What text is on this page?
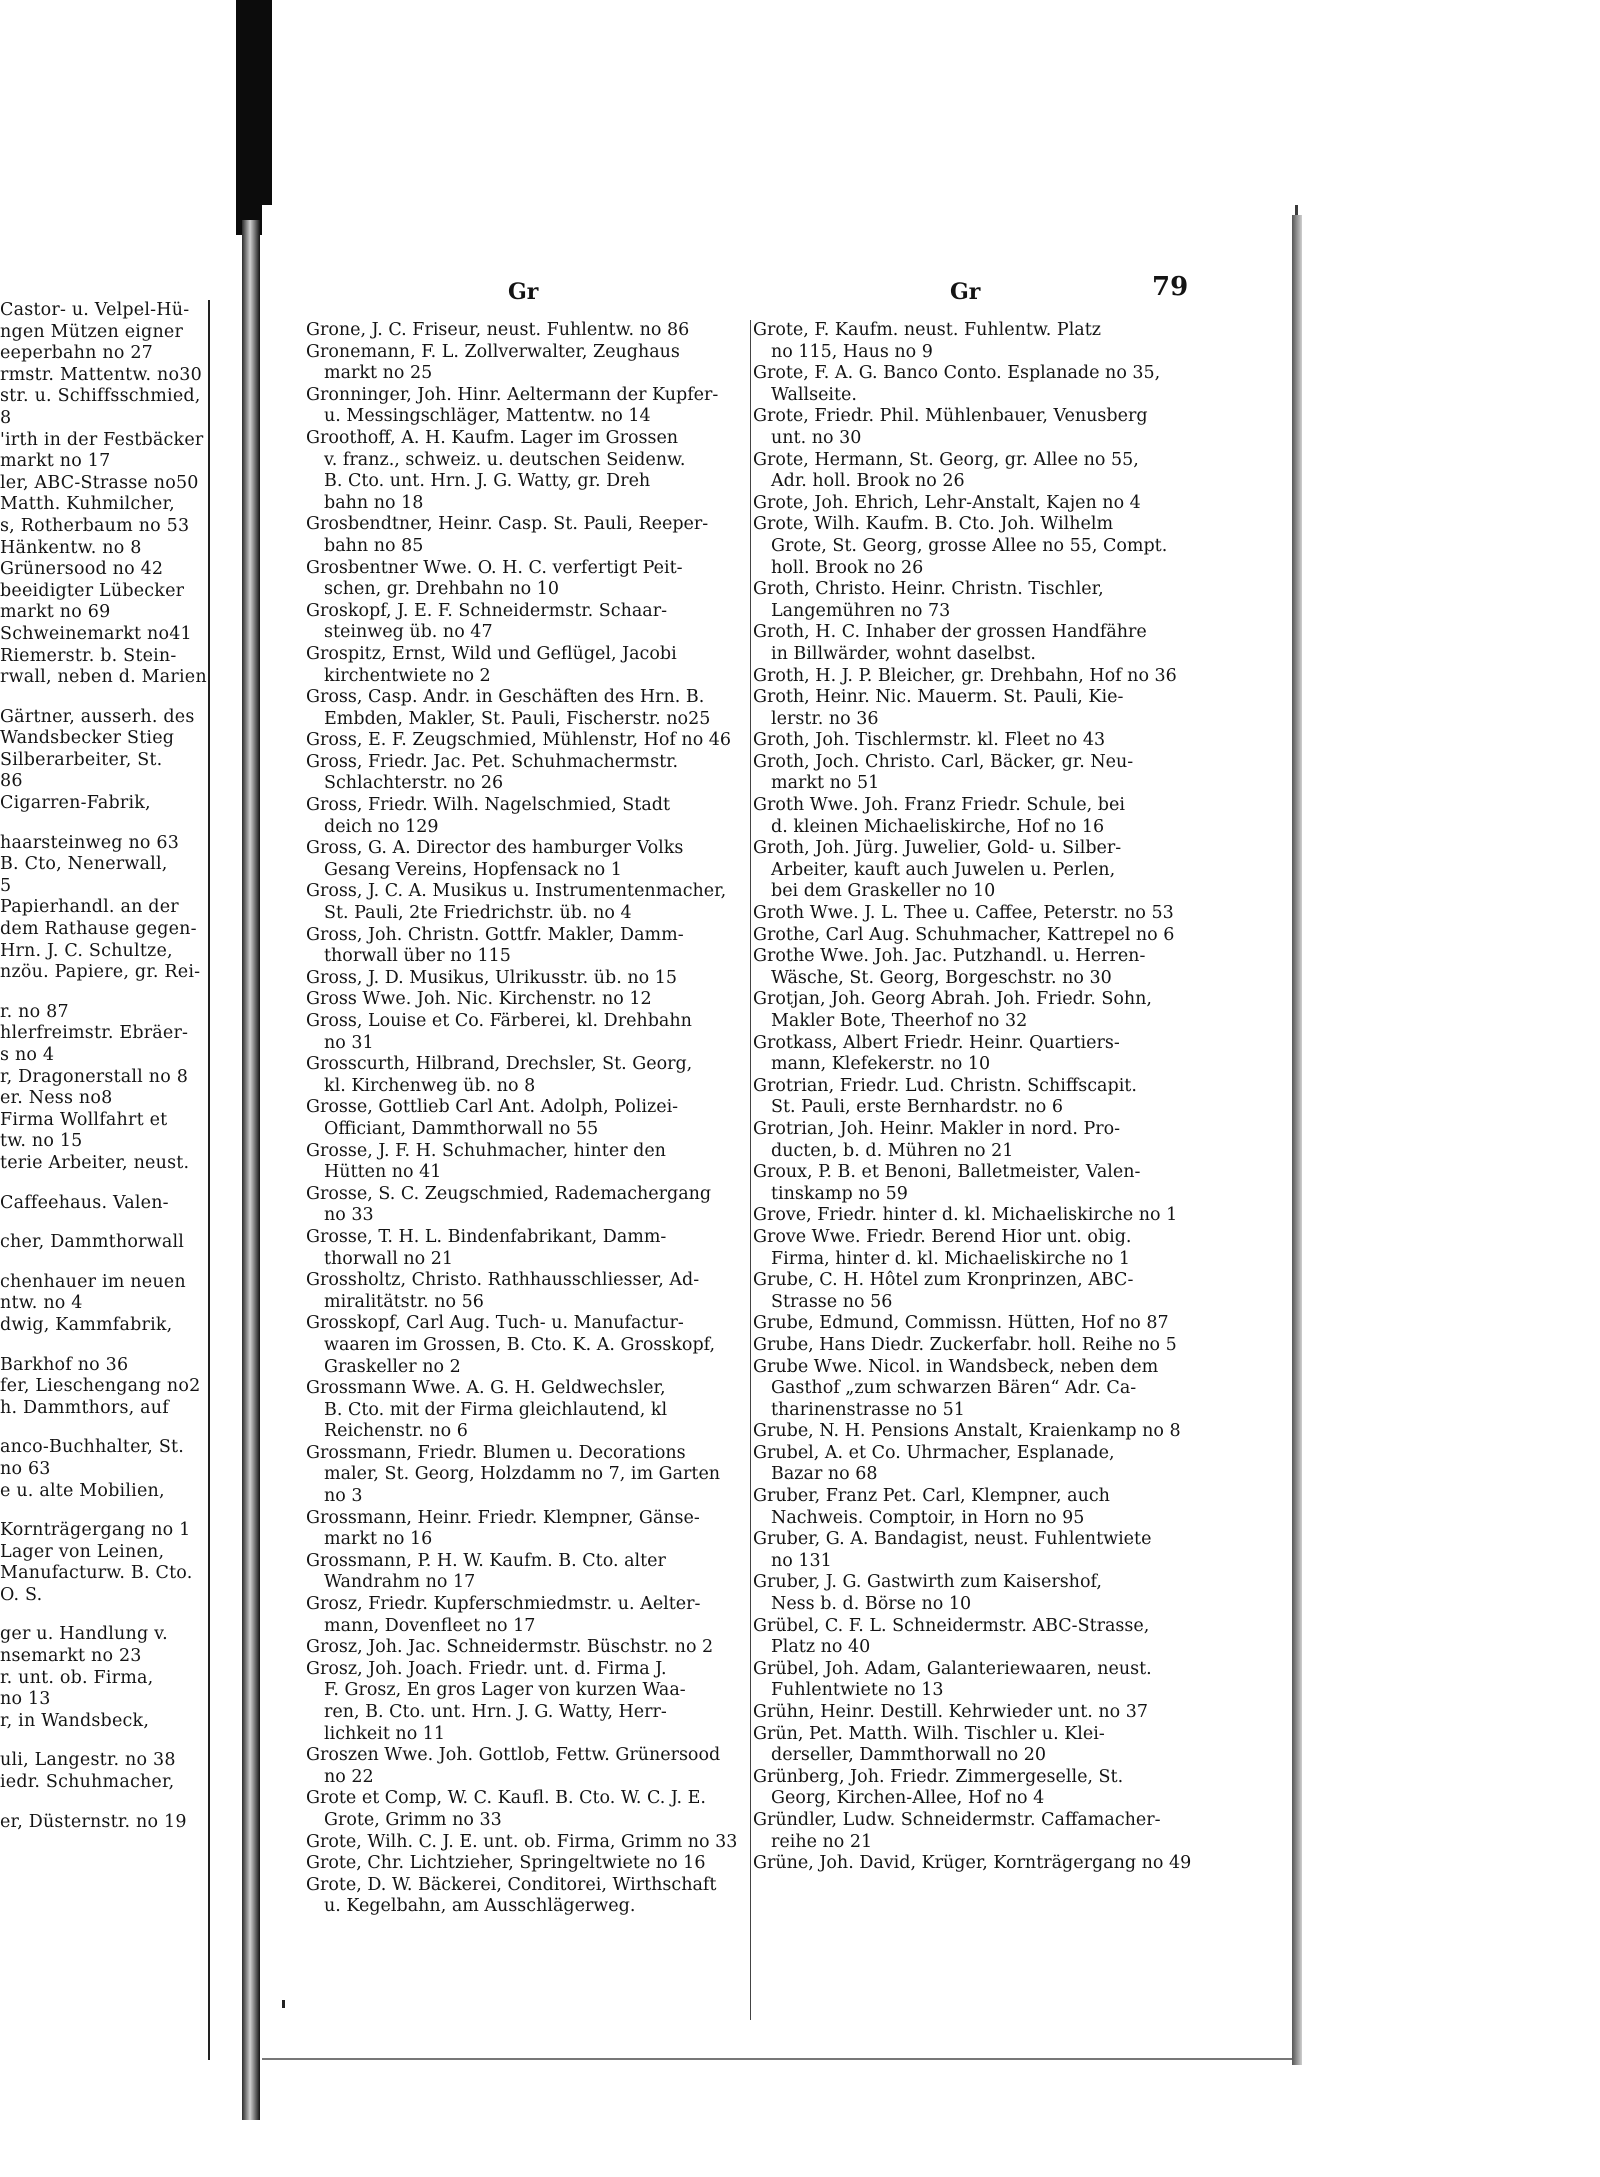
Castor- u. Velpel-Hü-
ngen Mützen eigner
eeperbahn no 27
rmstr. Mattentw. no30
str. u. Schiffsschmied,
8
'irth in der Festbäcker
markt no 17
ler, ABC-Strasse no50
Matth. Kuhmilcher,
s, Rotherbaum no 53
Hänkentw. no 8
Grünersood no 42
beeidigter Lübecker
markt no 69
Schweinemarkt no41
Riemerstr. b. Stein-
rwall, neben d. Marien
Gärtner, ausserh. des
Wandsbecker Stieg
Silberarbeiter, St.
86
Cigarren-Fabrik,
haarsteinweg no 63
B. Cto, Nenerwall,
5
Papierhandl. an der
dem Rathause gegen-
Hrn. J. C. Schultze,
nzöu. Papiere, gr. Rei-
r. no 87
hlerfreimstr. Ebräer-
s no 4
r, Dragonerstall no 8
er. Ness no8
Firma Wollfahrt et
tw. no 15
terie Arbeiter, neust.
Caffeehaus. Valen-
cher, Dammthorwall
chenhauer im neuen
ntw. no 4
dwig, Kammfabrik,
Barkhof no 36
fer, Lieschengang no2
h. Dammthors, auf
anco-Buchhalter, St.
no 63
e u. alte Mobilien,
Kornträgergang no 1
Lager von Leinen,
Manufacturw. B. Cto.
O. S.
ger u. Handlung v.
nsemarkt no 23
r. unt. ob. Firma,
no 13
r, in Wandsbeck,
uli, Langestr. no 38
iedr. Schuhmacher,
er, Düsternstr. no 19
Gr	Gr	79
Grone, J. C. Friseur, neust. Fuhlentw. no 86
Gronemann, F. L. Zollverwalter, Zeughaus
markt no 25
Gronninger, Joh. Hinr. Aeltermann der Kupfer-
u. Messingschläger, Mattentw. no 14
Groothoff, A. H. Kaufm. Lager im Grossen
v. franz., schweiz. u. deutschen Seidenw.
B. Cto. unt. Hrn. J. G. Watty, gr. Dreh
bahn no 18
Grosbendtner, Heinr. Casp. St. Pauli, Reeper-
bahn no 85
Grosbentner Wwe. O. H. C. verfertigt Peit-
schen, gr. Drehbahn no 10
Groskopf, J. E. F. Schneidermstr. Schaar-
steinweg üb. no 47
Grospitz, Ernst, Wild und Geflügel, Jacobi
kirchentwiete no 2
Gross, Casp. Andr. in Geschäften des Hrn. B.
Embden, Makler, St. Pauli, Fischerstr. no25
Gross, E. F. Zeugschmied, Mühlenstr, Hof no 46
Gross, Friedr. Jac. Pet. Schuhmachermstr.
Schlachterstr. no 26
Gross, Friedr. Wilh. Nagelschmied, Stadt
deich no 129
Gross, G. A. Director des hamburger Volks
Gesang Vereins, Hopfensack no 1
Gross, J. C. A. Musikus u. Instrumentenmacher,
St. Pauli, 2te Friedrichstr. üb. no 4
Gross, Joh. Christn. Gottfr. Makler, Damm-
thorwall über no 115
Gross, J. D. Musikus, Ulrikusstr. üb. no 15
Gross Wwe. Joh. Nic. Kirchenstr. no 12
Gross, Louise et Co. Färberei, kl. Drehbahn
no 31
Grosscurth, Hilbrand, Drechsler, St. Georg,
kl. Kirchenweg üb. no 8
Grosse, Gottlieb Carl Ant. Adolph, Polizei-
Officiant, Dammthorwall no 55
Grosse, J. F. H. Schuhmacher, hinter den
Hütten no 41
Grosse, S. C. Zeugschmied, Rademachergang
no 33
Grosse, T. H. L. Bindenfabrikant, Damm-
thorwall no 21
Grossholtz, Christo. Rathhausschliesser, Ad-
miralitätstr. no 56
Grosskopf, Carl Aug. Tuch- u. Manufactur-
waaren im Grossen, B. Cto. K. A. Grosskopf,
Graskeller no 2
Grossmann Wwe. A. G. H. Geldwechsler,
B. Cto. mit der Firma gleichlautend, kl
Reichenstr. no 6
Grossmann, Friedr. Blumen u. Decorations
maler, St. Georg, Holzdamm no 7, im Garten
no 3
Grossmann, Heinr. Friedr. Klempner, Gänse-
markt no 16
Grossmann, P. H. W. Kaufm. B. Cto. alter
Wandrahm no 17
Grosz, Friedr. Kupferschmiedmstr. u. Aelter-
mann, Dovenfleet no 17
Grosz, Joh. Jac. Schneidermstr. Büschstr. no 2
Grosz, Joh. Joach. Friedr. unt. d. Firma J.
F. Grosz, En gros Lager von kurzen Waa-
ren, B. Cto. unt. Hrn. J. G. Watty, Herr-
lichkeit no 11
Groszen Wwe. Joh. Gottlob, Fettw. Grünersood
no 22
Grote et Comp, W. C. Kaufl. B. Cto. W. C. J. E.
Grote, Grimm no 33
Grote, Wilh. C. J. E. unt. ob. Firma, Grimm no 33
Grote, Chr. Lichtzieher, Springeltwiete no 16
Grote, D. W. Bäckerei, Conditorei, Wirthschaft
u. Kegelbahn, am Ausschlägerweg.
Grote, F. Kaufm. neust. Fuhlentw. Platz
no 115, Haus no 9
Grote, F. A. G. Banco Conto. Esplanade no 35,
Wallseite.
Grote, Friedr. Phil. Mühlenbauer, Venusberg
unt. no 30
Grote, Hermann, St. Georg, gr. Allee no 55,
Adr. holl. Brook no 26
Grote, Joh. Ehrich, Lehr-Anstalt, Kajen no 4
Grote, Wilh. Kaufm. B. Cto. Joh. Wilhelm
Grote, St. Georg, grosse Allee no 55, Compt.
holl. Brook no 26
Groth, Christo. Heinr. Christn. Tischler,
Langemühren no 73
Groth, H. C. Inhaber der grossen Handfähre
in Billwärder, wohnt daselbst.
Groth, H. J. P. Bleicher, gr. Drehbahn, Hof no 36
Groth, Heinr. Nic. Mauerm. St. Pauli, Kie-
lerstr. no 36
Groth, Joh. Tischlermstr. kl. Fleet no 43
Groth, Joch. Christo. Carl, Bäcker, gr. Neu-
markt no 51
Groth Wwe. Joh. Franz Friedr. Schule, bei
d. kleinen Michaeliskirche, Hof no 16
Groth, Joh. Jürg. Juwelier, Gold- u. Silber-
Arbeiter, kauft auch Juwelen u. Perlen,
bei dem Graskeller no 10
Groth Wwe. J. L. Thee u. Caffee, Peterstr. no 53
Grothe, Carl Aug. Schuhmacher, Kattrepel no 6
Grothe Wwe. Joh. Jac. Putzhandl. u. Herren-
Wäsche, St. Georg, Borgeschstr. no 30
Grotjan, Joh. Georg Abrah. Joh. Friedr. Sohn,
Makler Bote, Theerhof no 32
Grotkass, Albert Friedr. Heinr. Quartiers-
mann, Klefekerstr. no 10
Grotrian, Friedr. Lud. Christn. Schiffscapit.
St. Pauli, erste Bernhardstr. no 6
Grotrian, Joh. Heinr. Makler in nord. Pro-
ducten, b. d. Mühren no 21
Groux, P. B. et Benoni, Balletmeister, Valen-
tinskamp no 59
Grove, Friedr. hinter d. kl. Michaeliskirche no 1
Grove Wwe. Friedr. Berend Hior unt. obig.
Firma, hinter d. kl. Michaeliskirche no 1
Grube, C. H. Hôtel zum Kronprinzen, ABC-
Strasse no 56
Grube, Edmund, Commissn. Hütten, Hof no 87
Grube, Hans Diedr. Zuckerfabr. holl. Reihe no 5
Grube Wwe. Nicol. in Wandsbeck, neben dem
Gasthof „zum schwarzen Bären“ Adr. Ca-
tharinenstrasse no 51
Grube, N. H. Pensions Anstalt, Kraienkamp no 8
Grubel, A. et Co. Uhrmacher, Esplanade,
Bazar no 68
Gruber, Franz Pet. Carl, Klempner, auch
Nachweis. Comptoir, in Horn no 95
Gruber, G. A. Bandagist, neust. Fuhlentwiete
no 131
Gruber, J. G. Gastwirth zum Kaisershof,
Ness b. d. Börse no 10
Grübel, C. F. L. Schneidermstr. ABC-Strasse,
Platz no 40
Grübel, Joh. Adam, Galanteriewaaren, neust.
Fuhlentwiete no 13
Grühn, Heinr. Destill. Kehrwieder unt. no 37
Grün, Pet. Matth. Wilh. Tischler u. Klei-
derseller, Dammthorwall no 20
Grünberg, Joh. Friedr. Zimmergeselle, St.
Georg, Kirchen-Allee, Hof no 4
Gründler, Ludw. Schneidermstr. Caffamacher-
reihe no 21
Grüne, Joh. David, Krüger, Kornträgergang no 49
